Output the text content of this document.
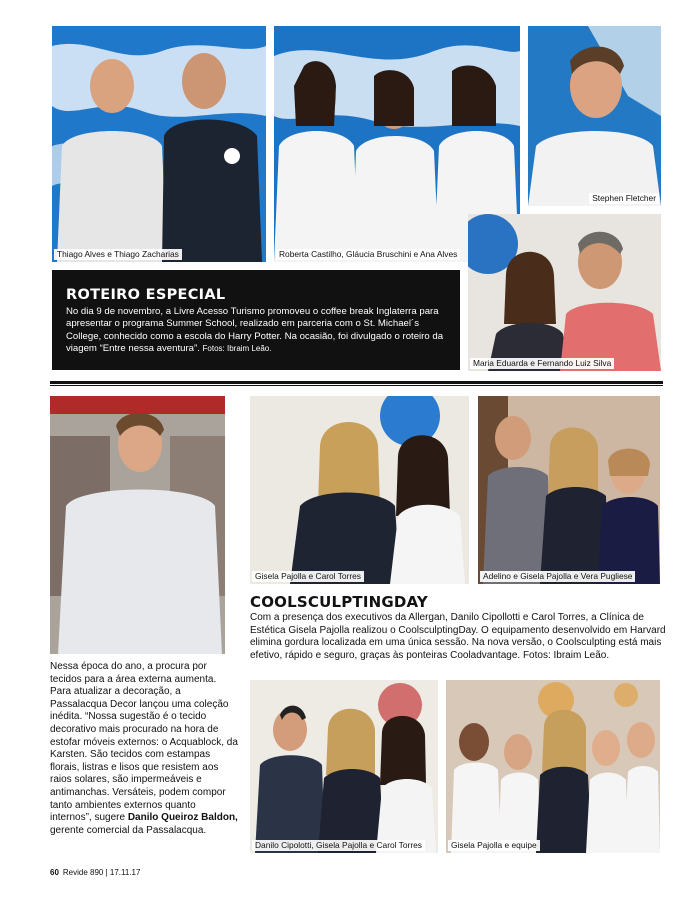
Thiago Alves e Thiago Zacharias	Roberta Castilho, Gláucia Bruschini e Ana Alves
Stephen Fletcher
ROTEIRO ESPECIAL

No dia 9 de novembro, a Livre Acesso Turismo promoveu o coffee break Inglaterra para apresentar o programa Summer School, realizado em parceria com o St. Michael´s College, conhecido como a escola do Harry Potter. Na ocasião, foi divulgado o roteiro da viagem “Entre nessa aventura”. Fotos: Ibraim Leão.

Maria Eduarda e Fernando Luiz Silva
Gisela Pajolla e Carol Torres	Adelino e Gisela Pajolla e Vera Pugliese
COOLSCULPTINGDAY

Com a presença dos executivos da Allergan, Danilo Cipollotti e Carol Torres, a Clínica de Estética Gisela Pajolla realizou o CoolsculptingDay. O equipamento desenvolvido em Harvard elimina gordura localizada em uma única sessão. Na nova versão, o Coolsculpting está mais efetivo, rápido e seguro, graças às ponteiras Cooladvantage. Fotos: Ibraim Leão.

Nessa época do ano, a procura por tecidos para a área externa aumenta. Para atualizar a decoração, a Passalacqua Decor lançou uma coleção inédita. “Nossa sugestão é o tecido decorativo mais procurado na hora de estofar móveis externos: o Acquablock, da Karsten. São tecidos com estampas florais, listras e lisos que resistem aos raios solares, são impermeáveis e antimanchas. Versáteis, podem compor tanto ambientes externos quanto internos”, sugere Danilo Queiroz Baldon, gerente comercial da Passalacqua.

Danilo Cipolotti, Gisela Pajolla e Carol Torres	Gisela Pajolla e equipe
60 Revide 890 | 17.11.17
